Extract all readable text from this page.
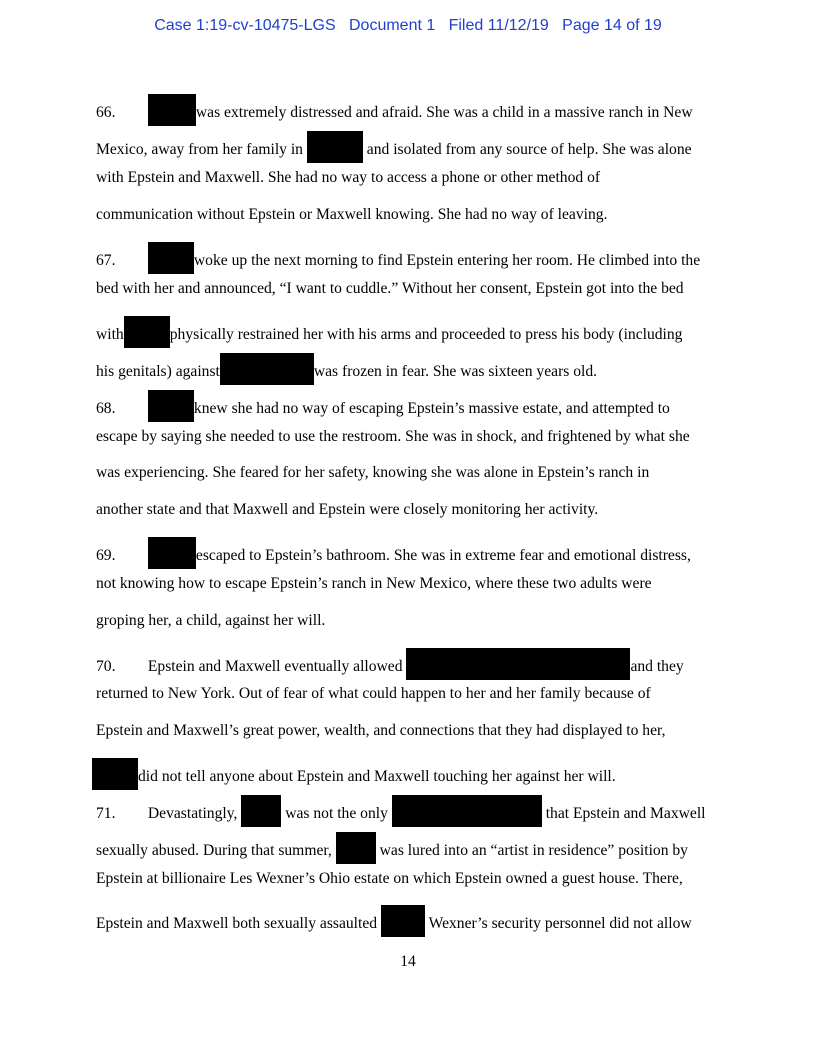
Case 1:19-cv-10475-LGS   Document 1   Filed 11/12/19   Page 14 of 19
66.	was extremely distressed and afraid. She was a child in a massive ranch in New
Mexico, away from her family in	and isolated from any source of help. She was alone
with Epstein and Maxwell. She had no way to access a phone or other method of
communication without Epstein or Maxwell knowing. She had no way of leaving.
67.	woke up the next morning to find Epstein entering her room. He climbed into the
bed with her and announced, “I want to cuddle.” Without her consent, Epstein got into the bed
with	physically restrained her with his arms and proceeded to press his body (including
his genitals) against	was frozen in fear. She was sixteen years old.
68.	knew she had no way of escaping Epstein’s massive estate, and attempted to
escape by saying she needed to use the restroom. She was in shock, and frightened by what she
was experiencing. She feared for her safety, knowing she was alone in Epstein’s ranch in
another state and that Maxwell and Epstein were closely monitoring her activity.
69.	escaped to Epstein’s bathroom. She was in extreme fear and emotional distress,
not knowing how to escape Epstein’s ranch in New Mexico, where these two adults were
groping her, a child, against her will.
70. Epstein and Maxwell eventually allowed	and they
returned to New York. Out of fear of what could happen to her and her family because of
Epstein and Maxwell’s great power, wealth, and connections that they had displayed to her,
did not tell anyone about Epstein and Maxwell touching her against her will.
71. Devastatingly,	was not the only	that Epstein and Maxwell
sexually abused. During that summer,	was lured into an “artist in residence” position by
Epstein at billionaire Les Wexner’s Ohio estate on which Epstein owned a guest house. There,
Epstein and Maxwell both sexually assaulted	Wexner’s security personnel did not allow
14
